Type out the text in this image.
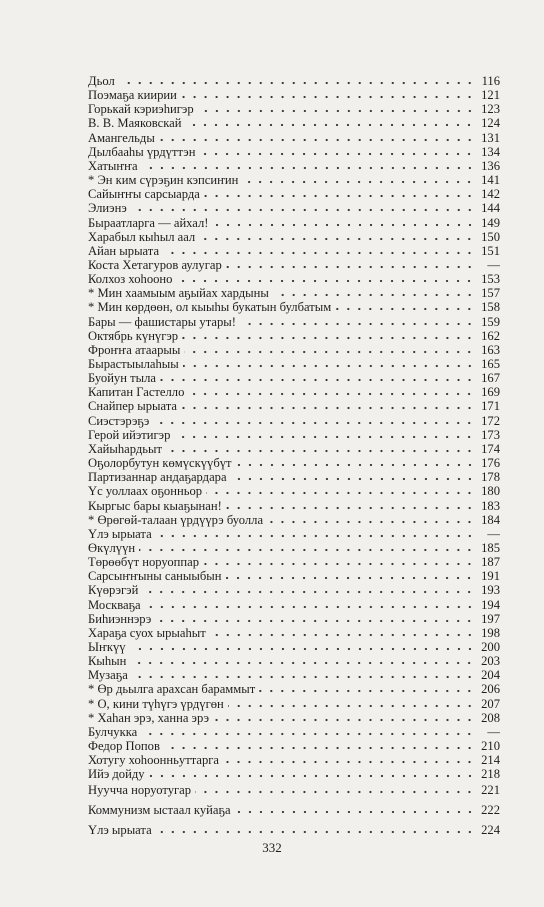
Дьол	116
Поэмаҕа киирии	121
Горькай кэриэһигэр	123
В. В. Маяковскай	124
Амангельды	131
Дылбааһы үрдүттэн	134
Хатыҥҥа	136
* Эн ким сүрэҕин кэпсиҥин	141
Сайыҥҥы сарсыарда	142
Элиэнэ	144
Быраатларга — айхал!	149
Харабыл кыһыл аал	150
Айан ырыата	151
Коста Хетагуров аулугар	—
Колхоз хоһооно	153
* Мин хаамыым аҕыйах хардыны	157
* Мин көрдөөн, ол кыыһы букатын булбатым	158
Бары — фашистары утары!	159
Октябрь күнүгэр	162
Фроҥҥа атаарыы	163
Бырастыылаһыы	165
Буойун тыла	167
Капитан Гастелло	169
Снайпер ырыата	171
Сиэстэрэҕэ	172
Герой ийэтигэр	173
Хайыһардьыт	174
Оҕолорбутун көмүскүүбүт	176
Партизаннар андаҕардара	178
Үс уоллаах оҕонньор	180
Кыргыс бары кыаҕынан!	183
* Өрөгөй-талаан үрдүүрэ буолла	184
Үлэ ырыата	—
Өкүлүүн	185
Төрөөбүт норуоппар	187
Сарсыҥҥыны саныыбын	191
Күөрэгэй	193
Москваҕа	194
Биһиэннэрэ	197
Хараҕа суох ырыаһыт	198
Ыҥкүү	200
Кыһын	203
Музаҕа	204
* Өр дьылга арахсан бараммыт	206
* О, кини түһүгэ үрдүгөн	207
* Хаһан эрэ, ханна эрэ	208
Булчукка	—
Федор Попов	210
Хотугу хоһоонньуттарга	214
Ийэ дойду	218
Нуучча норуотугар	221
Коммунизм ыстаал куйаҕа	222
Үлэ ырыата	224
332
